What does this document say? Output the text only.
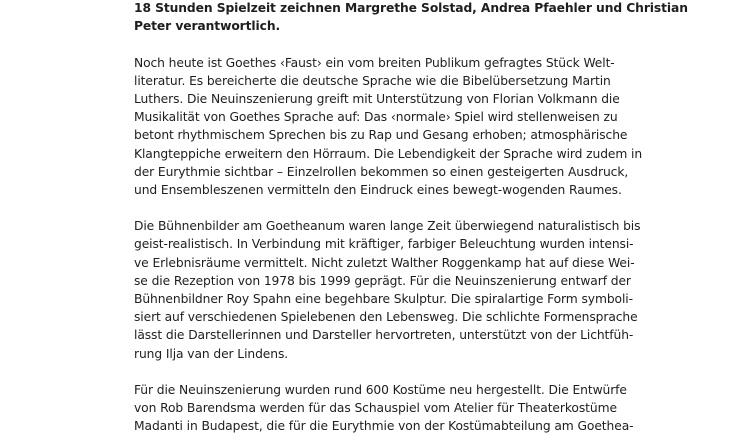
18 Stunden Spielzeit zeichnen Margrethe Solstad, Andrea Pfaehler und Christian
Peter verantwortlich.
Noch heute ist Goethes ‹Faust› ein vom breiten Publikum gefragtes Stück Welt-
literatur. Es bereicherte die deutsche Sprache wie die Bibelübersetzung Martin
Luthers. Die Neuinszenierung greift mit Unterstützung von Florian Volkmann die
Musikalität von Goethes Sprache auf: Das ‹normale› Spiel wird stellenweisen zu
betont rhythmischem Sprechen bis zu Rap und Gesang erhoben; atmosphärische
Klangteppiche erweitern den Hörraum. Die Lebendigkeit der Sprache wird zudem in
der Eurythmie sichtbar – Einzelrollen bekommen so einen gesteigerten Ausdruck,
und Ensembleszenen vermitteln den Eindruck eines bewegt-wogenden Raumes.
Die Bühnenbilder am Goetheanum waren lange Zeit überwiegend naturalistisch bis
geist-realistisch. In Verbindung mit kräftiger, farbiger Beleuchtung wurden intensi-
ve Erlebnisräume vermittelt. Nicht zuletzt Walther Roggenkamp hat auf diese Wei-
se die Rezeption von 1978 bis 1999 geprägt. Für die Neuinszenierung entwarf der
Bühnenbildner Roy Spahn eine begehbare Skulptur. Die spiralartige Form symboli-
siert auf verschiedenen Spielebenen den Lebensweg. Die schlichte Formensprache
lässt die Darstellerinnen und Darsteller hervortreten, unterstützt von der Lichtfüh-
rung Ilja van der Lindens.
Für die Neuinszenierung wurden rund 600 Kostüme neu hergestellt. Die Entwürfe
von Rob Barendsma werden für das Schauspiel vom Atelier für Theaterkostüme
Madanti in Budapest, die für die Eurythmie von der Kostümabteilung am Goethea-
